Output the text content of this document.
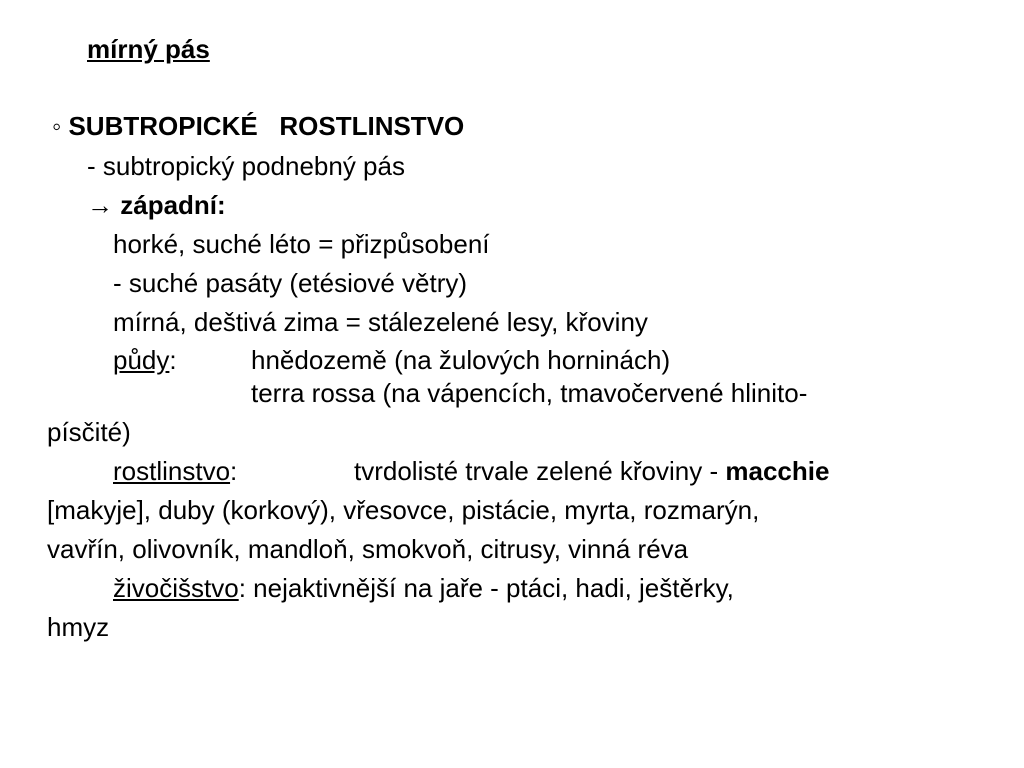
mírný pás
◦ SUBTROPICKÉ   ROSTLINSTVO
- subtropický podnebný pás
→ západní:
horké, suché léto = přizpůsobení
- suché pasáty (etésiové větry)
mírná, deštivá zima = stálezelené lesy, křoviny
půdy:	hnědozemě (na žulových horninách)
terra rossa (na vápencích, tmavočervené hlinito-
písčité)
rostlinstvo:	tvrdolisté trvale zelené křoviny - macchie
[makyje], duby (korkový), vřesovce, pistácie, myrta, rozmarýn,
vavřín, olivovník, mandloň, smokvoň, citrusy, vinná réva
živočišstvo: nejaktivnější na jaře - ptáci, hadi, ještěrky,
hmyz
